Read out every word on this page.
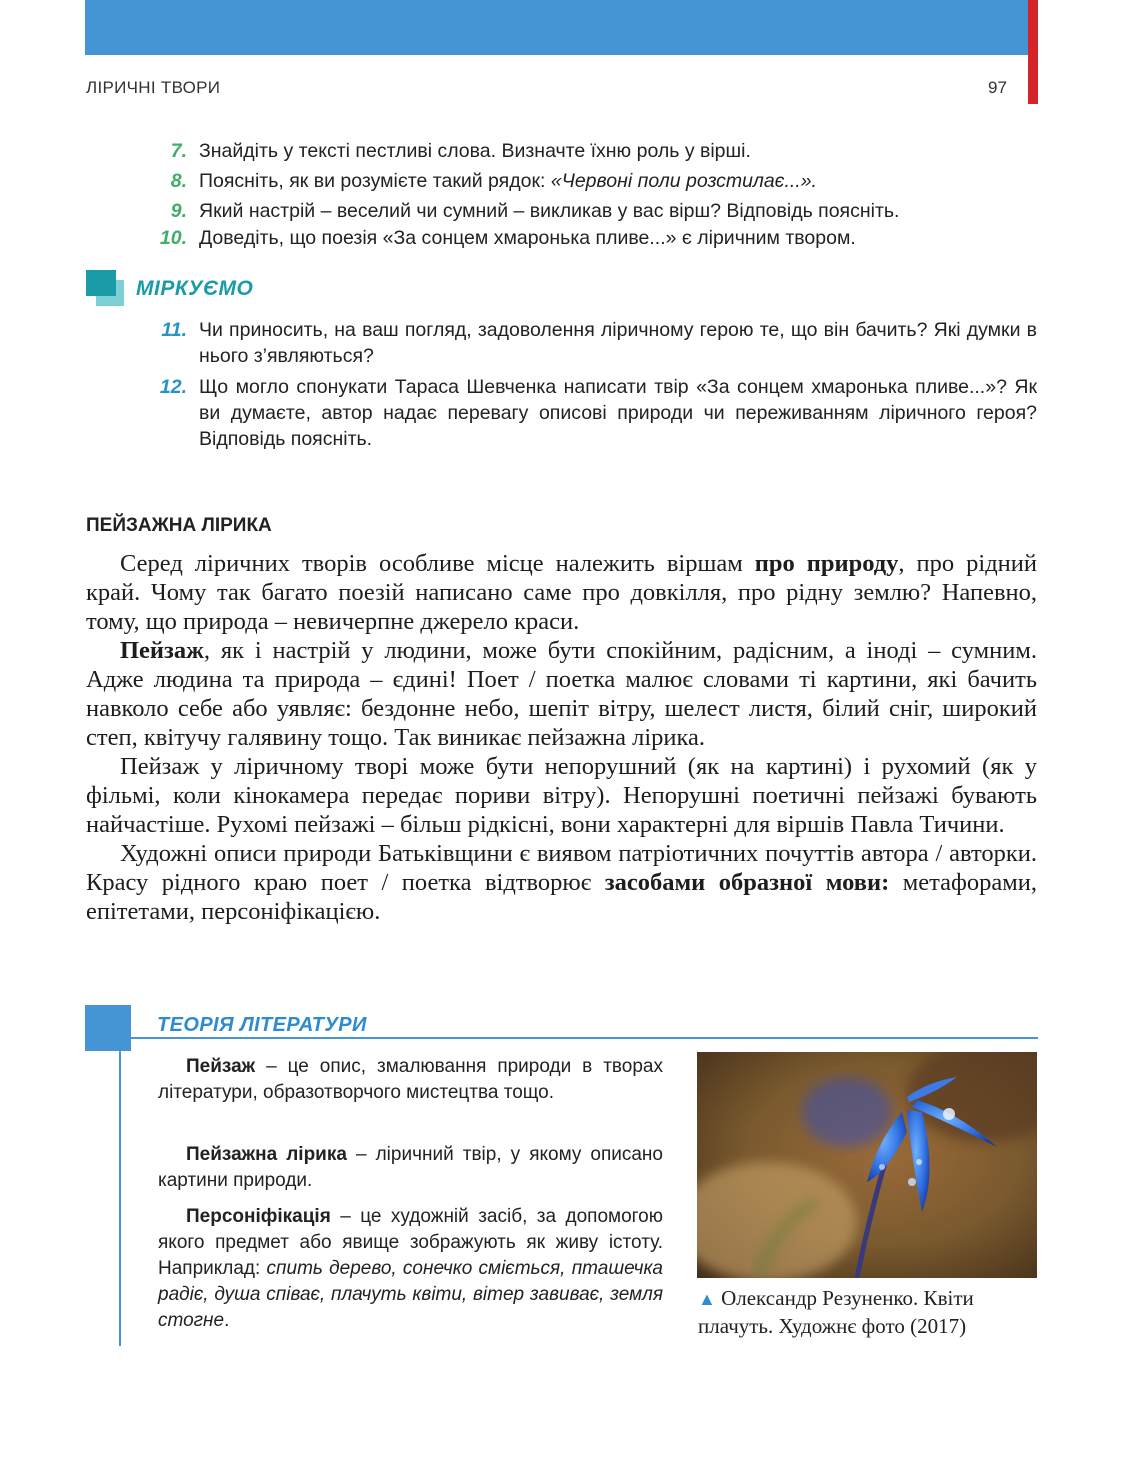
ЛІРИЧНІ ТВОРИ	97
7. Знайдіть у тексті пестливі слова. Визначте їхню роль у вірші.
8. Поясніть, як ви розумієте такий рядок: «Червоні поли розстилає...».
9. Який настрій – веселий чи сумний – викликав у вас вірш? Відповідь поясніть.
10. Доведіть, що поезія «За сонцем хмаронька пливе...» є ліричним твором.
МІРКУЄМО
11. Чи приносить, на ваш погляд, задоволення ліричному герою те, що він бачить? Які думки в нього з’являються?
12. Що могло спонукати Тараса Шевченка написати твір «За сонцем хмаронька пливе...»? Як ви думаєте, автор надає перевагу описові природи чи переживанням ліричного героя? Відповідь поясніть.
ПЕЙЗАЖНА ЛІРИКА

Серед ліричних творів особливе місце належить віршам про природу, про рідний край. Чому так багато поезій написано саме про довкілля, про рідну землю? Напевно, тому, що природа – невичерпне джерело краси.

Пейзаж, як і настрій у людини, може бути спокійним, радісним, а іноді – сумним. Адже людина та природа – єдині! Поет / поетка малює словами ті картини, які бачить навколо себе або уявляє: бездонне небо, шепіт вітру, шелест листя, білий сніг, широкий степ, квітучу галявину тощо. Так виникає пейзажна лірика.

Пейзаж у ліричному творі може бути непорушний (як на картині) і рухомий (як у фільмі, коли кінокамера передає пориви вітру). Непорушні поетичні пейзажі бувають найчастіше. Рухомі пейзажі – більш рідкісні, вони характерні для віршів Павла Тичини.

Художні описи природи Батьківщини є виявом патріотичних почуттів автора / авторки. Красу рідного краю поет / поетка відтворює засобами образної мови: метафорами, епітетами, персоніфікацією.

ТЕОРІЯ ЛІТЕРАТУРИ
Пейзаж – це опис, змалювання природи в творах літератури, образотворчого мистецтва тощо.
Пейзажна лірика – ліричний твір, у якому описано картини природи.
Персоніфікація – це художній засіб, за допомогою якого предмет або явище зображують як живу істоту. Наприклад: спить дерево, сонечко сміється, пташечка радіє, душа співає, плачуть квіти, вітер завиває, земля стогне.
▲ Олександр Резуненко. Квіти плачуть. Художнє фото (2017)
